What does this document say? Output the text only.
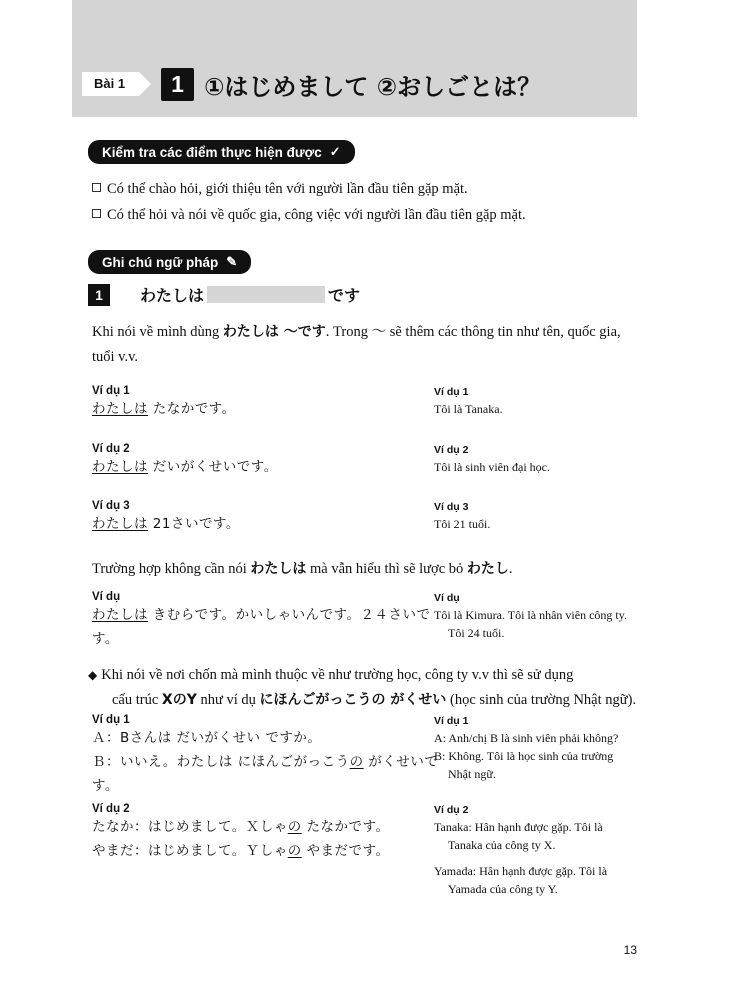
Bài 1	1 ①はじめまして ②おしごとは？
Kiểm tra các điểm thực hiện được ✓
Có thể chào hỏi, giới thiệu tên với người lần đầu tiên gặp mặt.
Có thể hỏi và nói về quốc gia, công việc với người lần đầu tiên gặp mặt.
Ghi chú ngữ pháp ✎
1	わたしは	です
Khi nói về mình dùng わたしは 〜です. Trong 〜 sẽ thêm các thông tin như tên, quốc gia, tuổi v.v.
Ví dụ 1
わたしは たなかです。
Ví dụ 1
Tôi là Tanaka.
Ví dụ 2
わたしは だいがくせいです。
Ví dụ 2
Tôi là sinh viên đại học.
Ví dụ 3
わたしは 21さいです。
Ví dụ 3
Tôi 21 tuổi.
Trường hợp không cần nói わたしは mà vẫn hiểu thì sẽ lược bỏ わたし.
Ví dụ
わたしは きむらです。かいしゃいんです。２４さいです。
Ví dụ
Tôi là Kimura. Tôi là nhân viên công ty. Tôi 24 tuổi.
◆ Khi nói về nơi chốn mà mình thuộc về như trường học, công ty v.v thì sẽ sử dụng
cấu trúc XのY như ví dụ にほんごがっこうの がくせい (học sinh của trường Nhật ngữ).
Ví dụ 1
Ａ：Bさんは だいがくせい ですか。
Ｂ：いいえ。わたしは にほんごがっこうの がくせいです。
Ví dụ 1
A: Anh/chị B là sinh viên phải không?
B: Không. Tôi là học sinh của trường Nhật ngữ.
Ví dụ 2
たなか：はじめまして。Ｘしゃの たなかです。
やまだ：はじめまして。Ｙしゃの やまだです。
Ví dụ 2
Tanaka: Hân hạnh được gặp. Tôi là Tanaka của công ty X.
Yamada: Hân hạnh được gặp. Tôi là Yamada của công ty Y.
13
